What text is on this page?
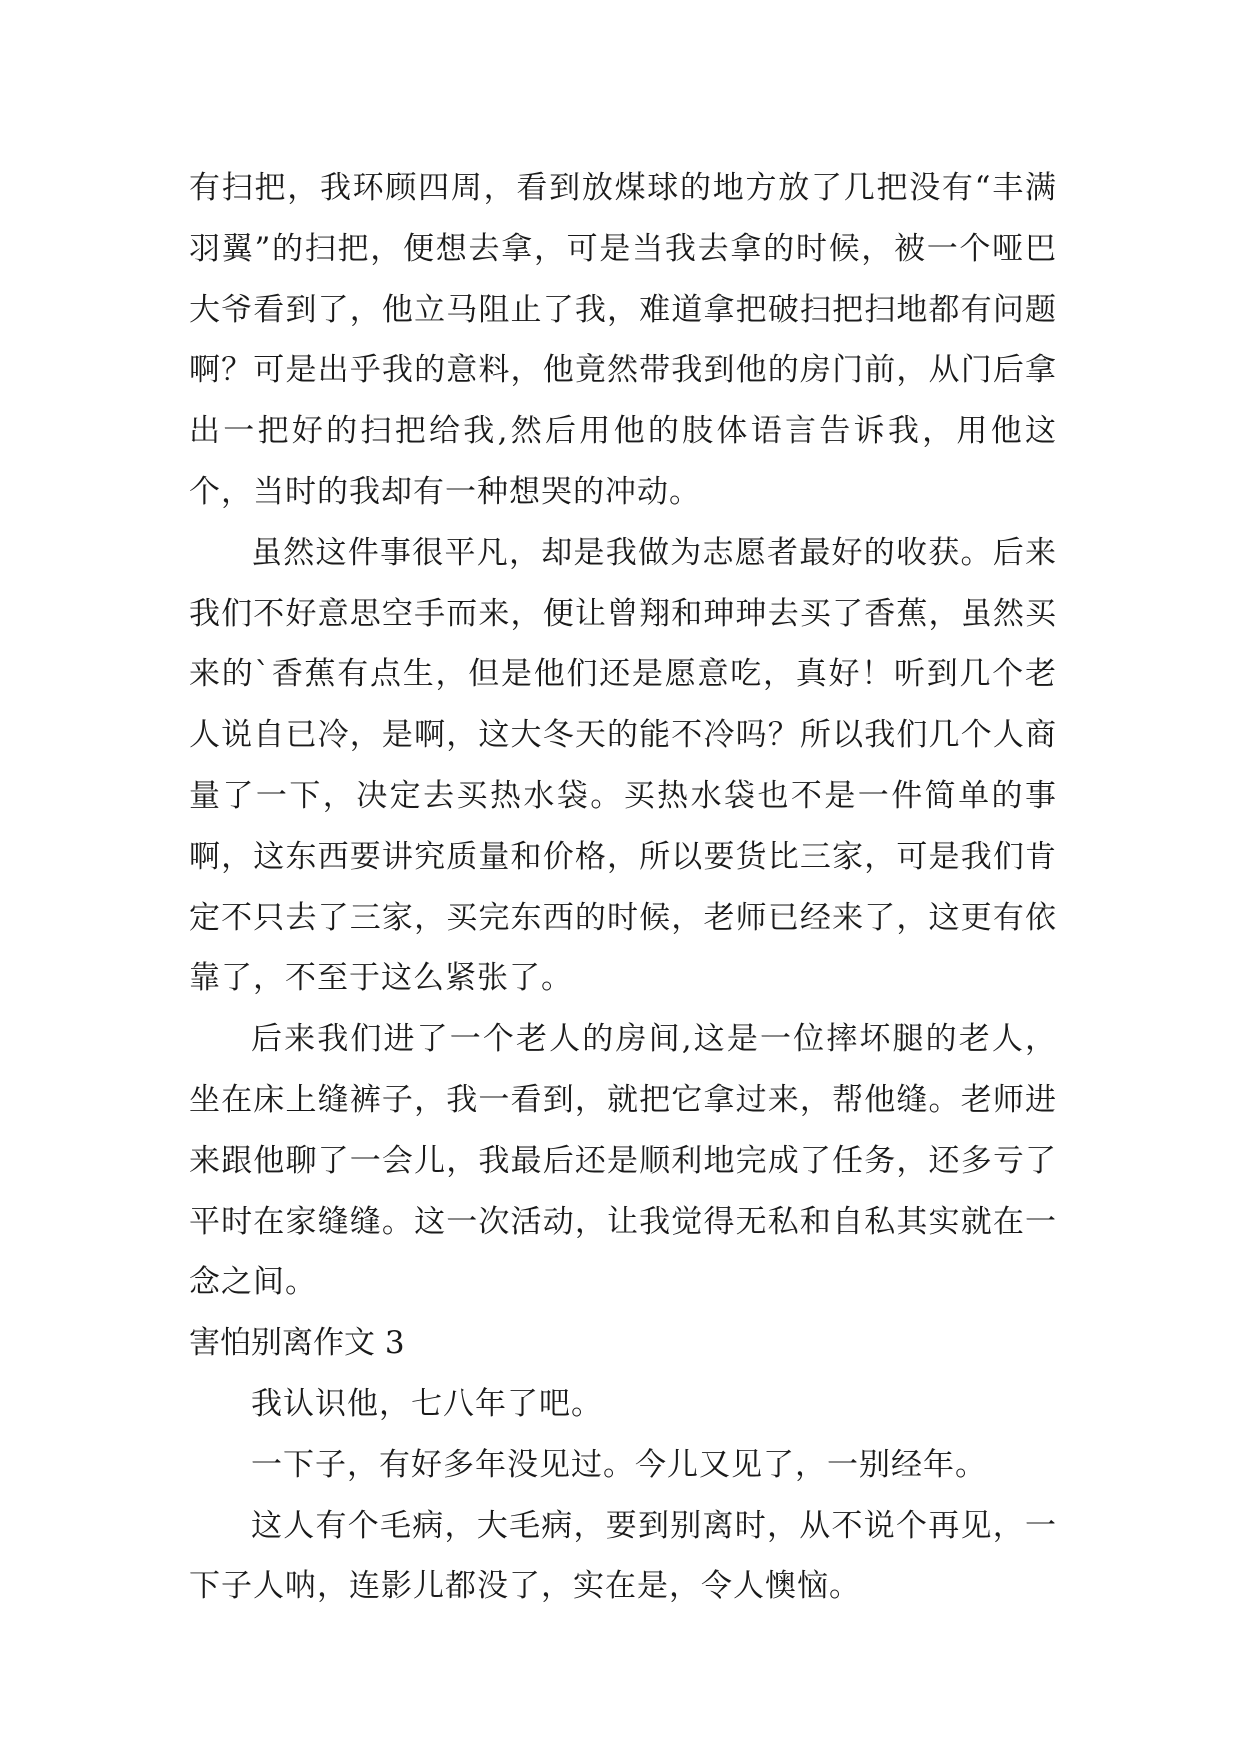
有扫把，我环顾四周，看到放煤球的地方放了几把没有“丰满羽翼”的扫把，便想去拿，可是当我去拿的时候，被一个哑巴大爷看到了，他立马阻止了我，难道拿把破扫把扫地都有问题啊？可是出乎我的意料，他竟然带我到他的房门前，从门后拿出一把好的扫把给我,然后用他的肢体语言告诉我，用他这个，当时的我却有一种想哭的冲动。

虽然这件事很平凡，却是我做为志愿者最好的收获。后来我们不好意思空手而来，便让曾翔和珅珅去买了香蕉，虽然买来的`香蕉有点生，但是他们还是愿意吃，真好！听到几个老人说自已冷，是啊，这大冬天的能不冷吗？所以我们几个人商量了一下，决定去买热水袋。买热水袋也不是一件简单的事啊，这东西要讲究质量和价格，所以要货比三家，可是我们肯定不只去了三家，买完东西的时候，老师已经来了，这更有依靠了，不至于这么紧张了。

后来我们进了一个老人的房间,这是一位摔坏腿的老人，坐在床上缝裤子，我一看到，就把它拿过来，帮他缝。老师进来跟他聊了一会儿，我最后还是顺利地完成了任务，还多亏了平时在家缝缝。这一次活动，让我觉得无私和自私其实就在一念之间。

害怕别离作文 3

我认识他，七八年了吧。

一下子，有好多年没见过。今儿又见了，一别经年。

这人有个毛病，大毛病，要到别离时，从不说个再见，一下子人呐，连影儿都没了，实在是，令人懊恼。
